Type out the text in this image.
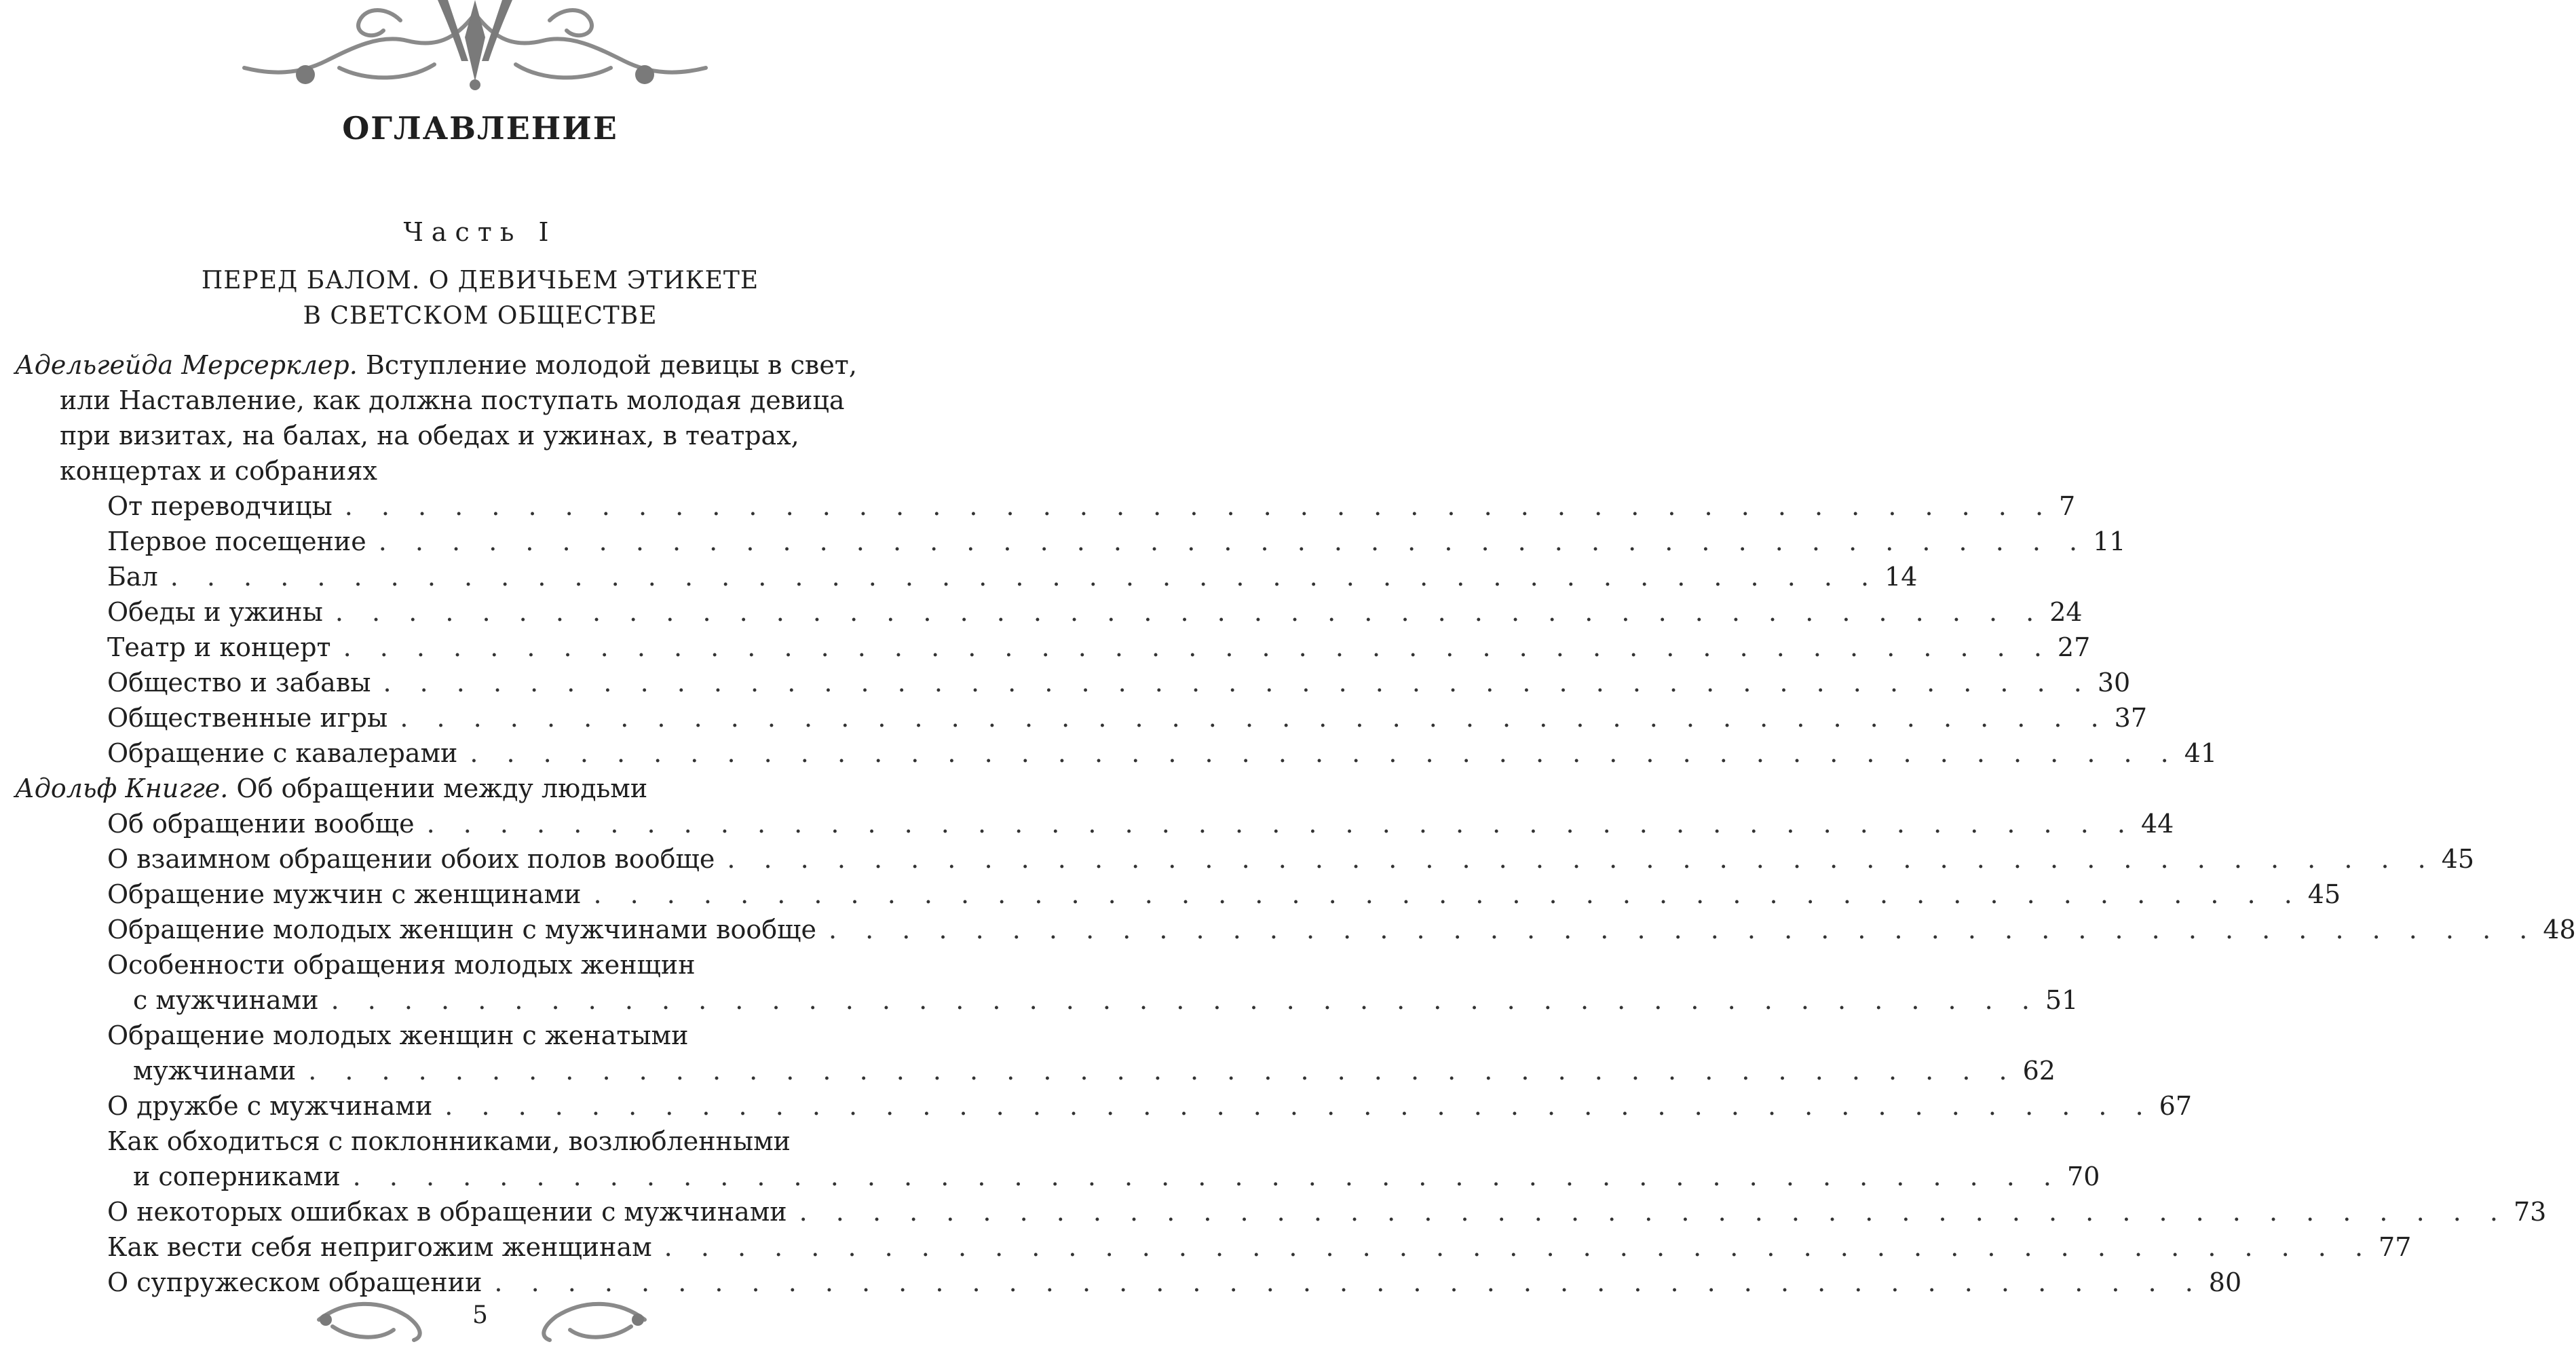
ОГЛАВЛЕНИЕ
Часть I
ПЕРЕД БАЛОМ. О ДЕВИЧЬЕМ ЭТИКЕТЕ
В СВЕТСКОМ ОБЩЕСТВЕ
Адельгейда Мерсерклер. Вступление молодой девицы в свет,
или Наставление, как должна поступать молодая девица
при визитах, на балах, на обедах и ужинах, в театрах,
концертах и собраниях
От переводчицы . . . . . . . . . . . . . . . . . . . . . . . . . . . . . . . . . . . . . . . . . . . . . . . 7
Первое посещение . . . . . . . . . . . . . . . . . . . . . . . . . . . . . . . . . . . . . . . . . . . . . . . 11
Бал . . . . . . . . . . . . . . . . . . . . . . . . . . . . . . . . . . . . . . . . . . . . . . . 14
Обеды и ужины . . . . . . . . . . . . . . . . . . . . . . . . . . . . . . . . . . . . . . . . . . . . . . . 24
Театр и концерт . . . . . . . . . . . . . . . . . . . . . . . . . . . . . . . . . . . . . . . . . . . . . . . 27
Общество и забавы . . . . . . . . . . . . . . . . . . . . . . . . . . . . . . . . . . . . . . . . . . . . . . . 30
Общественные игры . . . . . . . . . . . . . . . . . . . . . . . . . . . . . . . . . . . . . . . . . . . . . . . 37
Обращение с кавалерами . . . . . . . . . . . . . . . . . . . . . . . . . . . . . . . . . . . . . . . . . . . . . . . 41
Адольф Книгге. Об обращении между людьми
Об обращении вообще . . . . . . . . . . . . . . . . . . . . . . . . . . . . . . . . . . . . . . . . . . . . . . . 44
О взаимном обращении обоих полов вообще . . . . . . . . . . . . . . . . . . . . . . . . . . . . . . . . . . . . . . . . . . . . . . . 45
Обращение мужчин с женщинами . . . . . . . . . . . . . . . . . . . . . . . . . . . . . . . . . . . . . . . . . . . . . . . 45
Обращение молодых женщин с мужчинами вообще . . . . . . . . . . . . . . . . . . . . . . . . . . . . . . . . . . . . . . . . . . . . . . . 48
Особенности обращения молодых женщин
с мужчинами . . . . . . . . . . . . . . . . . . . . . . . . . . . . . . . . . . . . . . . . . . . . . . . 51
Обращение молодых женщин с женатыми
мужчинами . . . . . . . . . . . . . . . . . . . . . . . . . . . . . . . . . . . . . . . . . . . . . . . 62
О дружбе с мужчинами . . . . . . . . . . . . . . . . . . . . . . . . . . . . . . . . . . . . . . . . . . . . . . . 67
Как обходиться с поклонниками, возлюбленными
и соперниками . . . . . . . . . . . . . . . . . . . . . . . . . . . . . . . . . . . . . . . . . . . . . . . 70
О некоторых ошибках в обращении с мужчинами . . . . . . . . . . . . . . . . . . . . . . . . . . . . . . . . . . . . . . . . . . . . . . . 73
Как вести себя непригожим женщинам . . . . . . . . . . . . . . . . . . . . . . . . . . . . . . . . . . . . . . . . . . . . . . . 77
О супружеском обращении . . . . . . . . . . . . . . . . . . . . . . . . . . . . . . . . . . . . . . . . . . . . . . . 80
5
